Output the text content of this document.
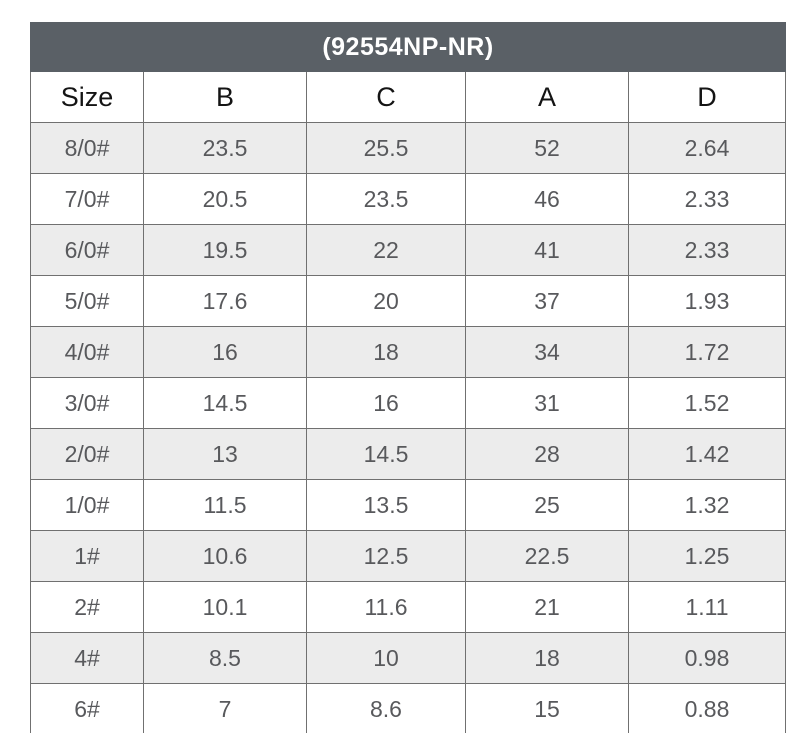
(92554NP-NR)				
Size	B	C	A	D
8/0#	23.5	25.5	52	2.64
7/0#	20.5	23.5	46	2.33
6/0#	19.5	22	41	2.33
5/0#	17.6	20	37	1.93
4/0#	16	18	34	1.72
3/0#	14.5	16	31	1.52
2/0#	13	14.5	28	1.42
1/0#	11.5	13.5	25	1.32
1#	10.6	12.5	22.5	1.25
2#	10.1	11.6	21	1.11
4#	8.5	10	18	0.98
6#	7	8.6	15	0.88
